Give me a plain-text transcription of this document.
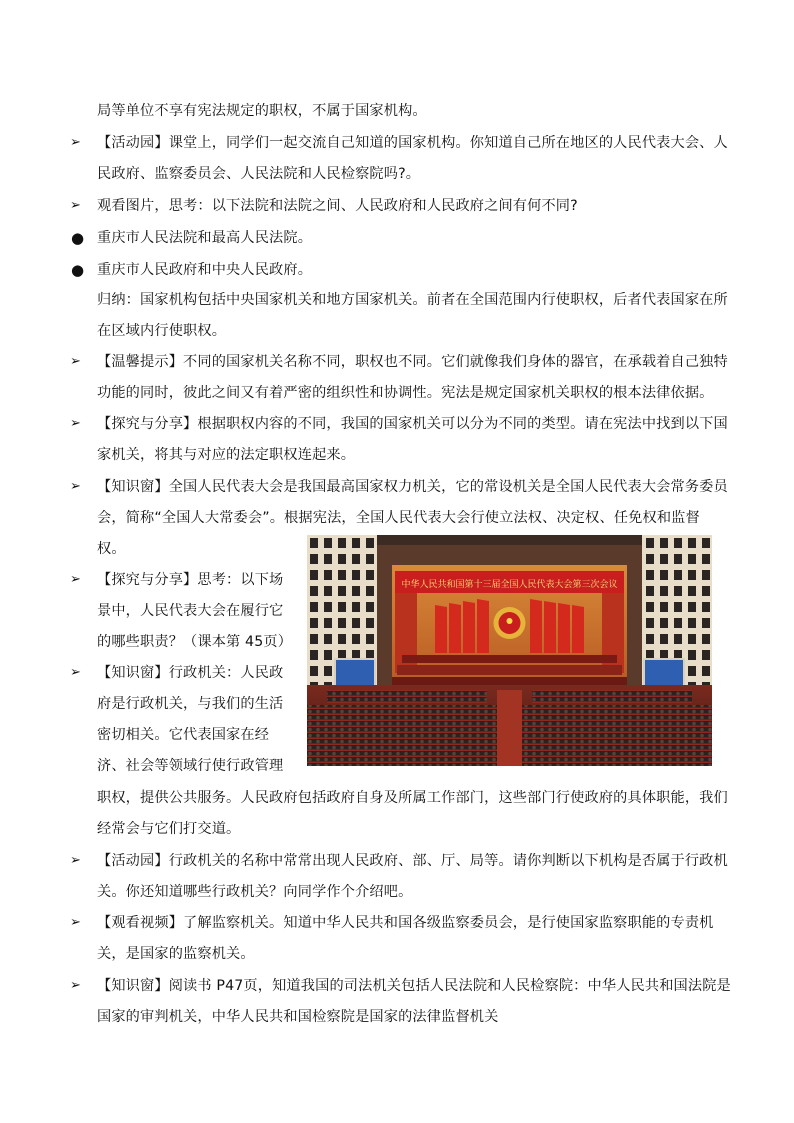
局等单位不享有宪法规定的职权，不属于国家机构。
➢ 【活动园】课堂上，同学们一起交流自己知道的国家机构。你知道自己所在地区的人民代表大会、人
民政府、监察委员会、人民法院和人民检察院吗?。
➢ 观看图片，思考：以下法院和法院之间、人民政府和人民政府之间有何不同?
● 重庆市人民法院和最高人民法院。
● 重庆市人民政府和中央人民政府。
归纳：国家机构包括中央国家机关和地方国家机关。前者在全国范围内行使职权，后者代表国家在所
在区域内行使职权。
➢ 【温馨提示】不同的国家机关名称不同，职权也不同。它们就像我们身体的器官，在承载着自己独特
功能的同时，彼此之间又有着严密的组织性和协调性。宪法是规定国家机关职权的根本法律依据。
➢ 【探究与分享】根据职权内容的不同，我国的国家机关可以分为不同的类型。请在宪法中找到以下国
家机关，将其与对应的法定职权连起来。
➢ 【知识窗】全国人民代表大会是我国最高国家权力机关，它的常设机关是全国人民代表大会常务委员
会，简称“全国人大常委会”。根据宪法，全国人民代表大会行使立法权、决定权、任免权和监督
权。
➢ 【探究与分享】思考：以下场
景中，人民代表大会在履行它
的哪些职责？（课本第 45页）
➢ 【知识窗】行政机关：人民政
府是行政机关，与我们的生活
密切相关。它代表国家在经
济、社会等领域行使行政管理
职权，提供公共服务。人民政府包括政府自身及所属工作部门，这些部门行使政府的具体职能，我们
经常会与它们打交道。
➢ 【活动园】行政机关的名称中常常出现人民政府、部、厅、局等。请你判断以下机构是否属于行政机
关。你还知道哪些行政机关？向同学作个介绍吧。
➢ 【观看视频】了解监察机关。知道中华人民共和国各级监察委员会，是行使国家监察职能的专责机
关，是国家的监察机关。
➢ 【知识窗】阅读书 P47页，知道我国的司法机关包括人民法院和人民检察院：中华人民共和国法院是
国家的审判机关，中华人民共和国检察院是国家的法律监督机关
中华人民共和国第十三届全国人民代表大会第三次会议
